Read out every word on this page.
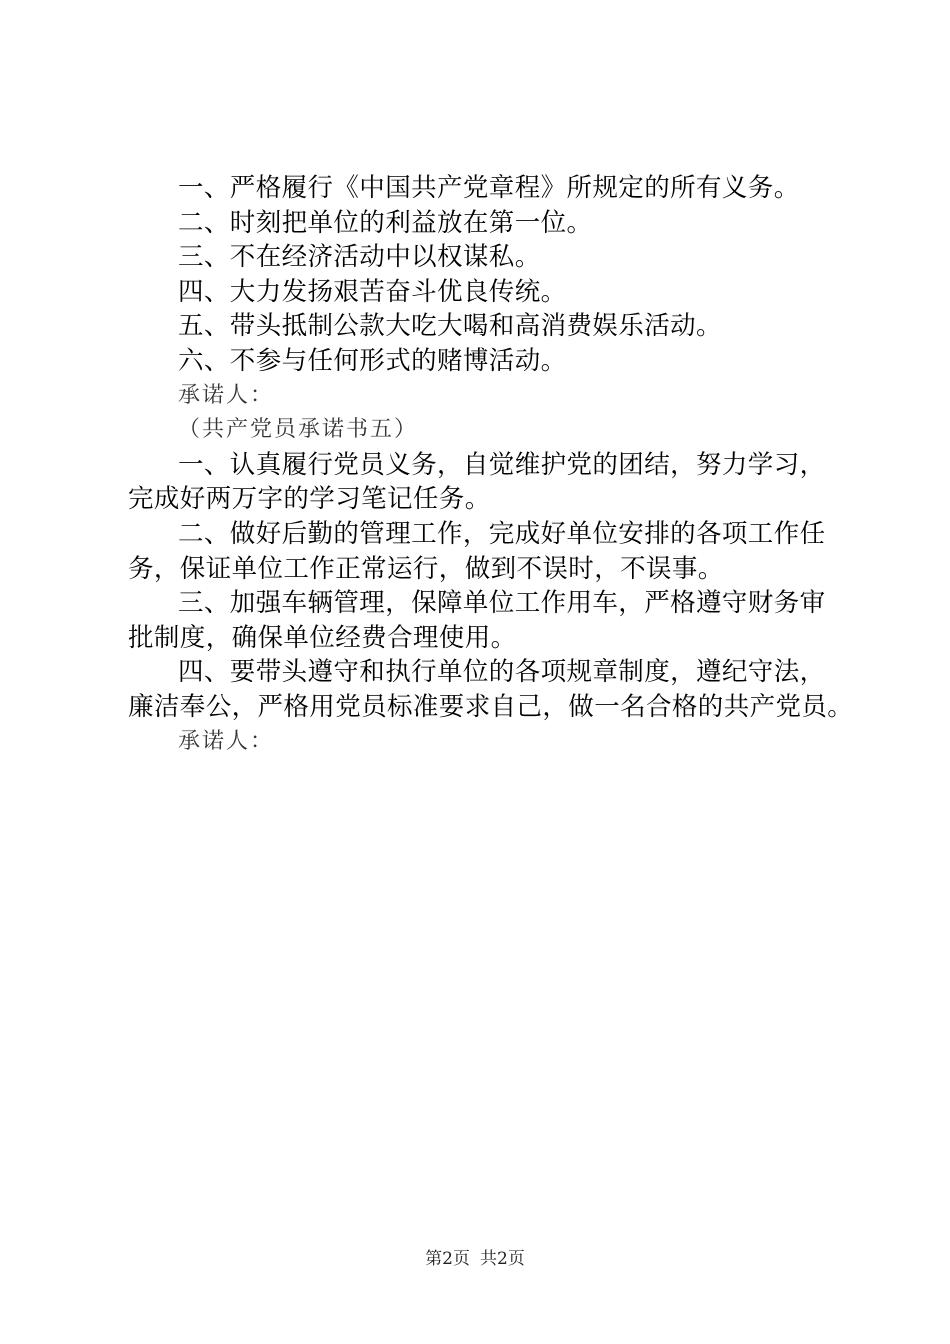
一、严格履行《中国共产党章程》所规定的所有义务。
二、时刻把单位的利益放在第一位。
三、不在经济活动中以权谋私。
四、大力发扬艰苦奋斗优良传统。
五、带头抵制公款大吃大喝和高消费娱乐活动。
六、不参与任何形式的赌博活动。
承诺人：
（共产党员承诺书五）
一、认真履行党员义务，自觉维护党的团结，努力学习，
完成好两万字的学习笔记任务。
二、做好后勤的管理工作，完成好单位安排的各项工作任
务，保证单位工作正常运行，做到不误时，不误事。
三、加强车辆管理，保障单位工作用车，严格遵守财务审
批制度，确保单位经费合理使用。
四、要带头遵守和执行单位的各项规章制度，遵纪守法，
廉洁奉公，严格用党员标准要求自己，做一名合格的共产党员。
承诺人：
第2页 共2页
